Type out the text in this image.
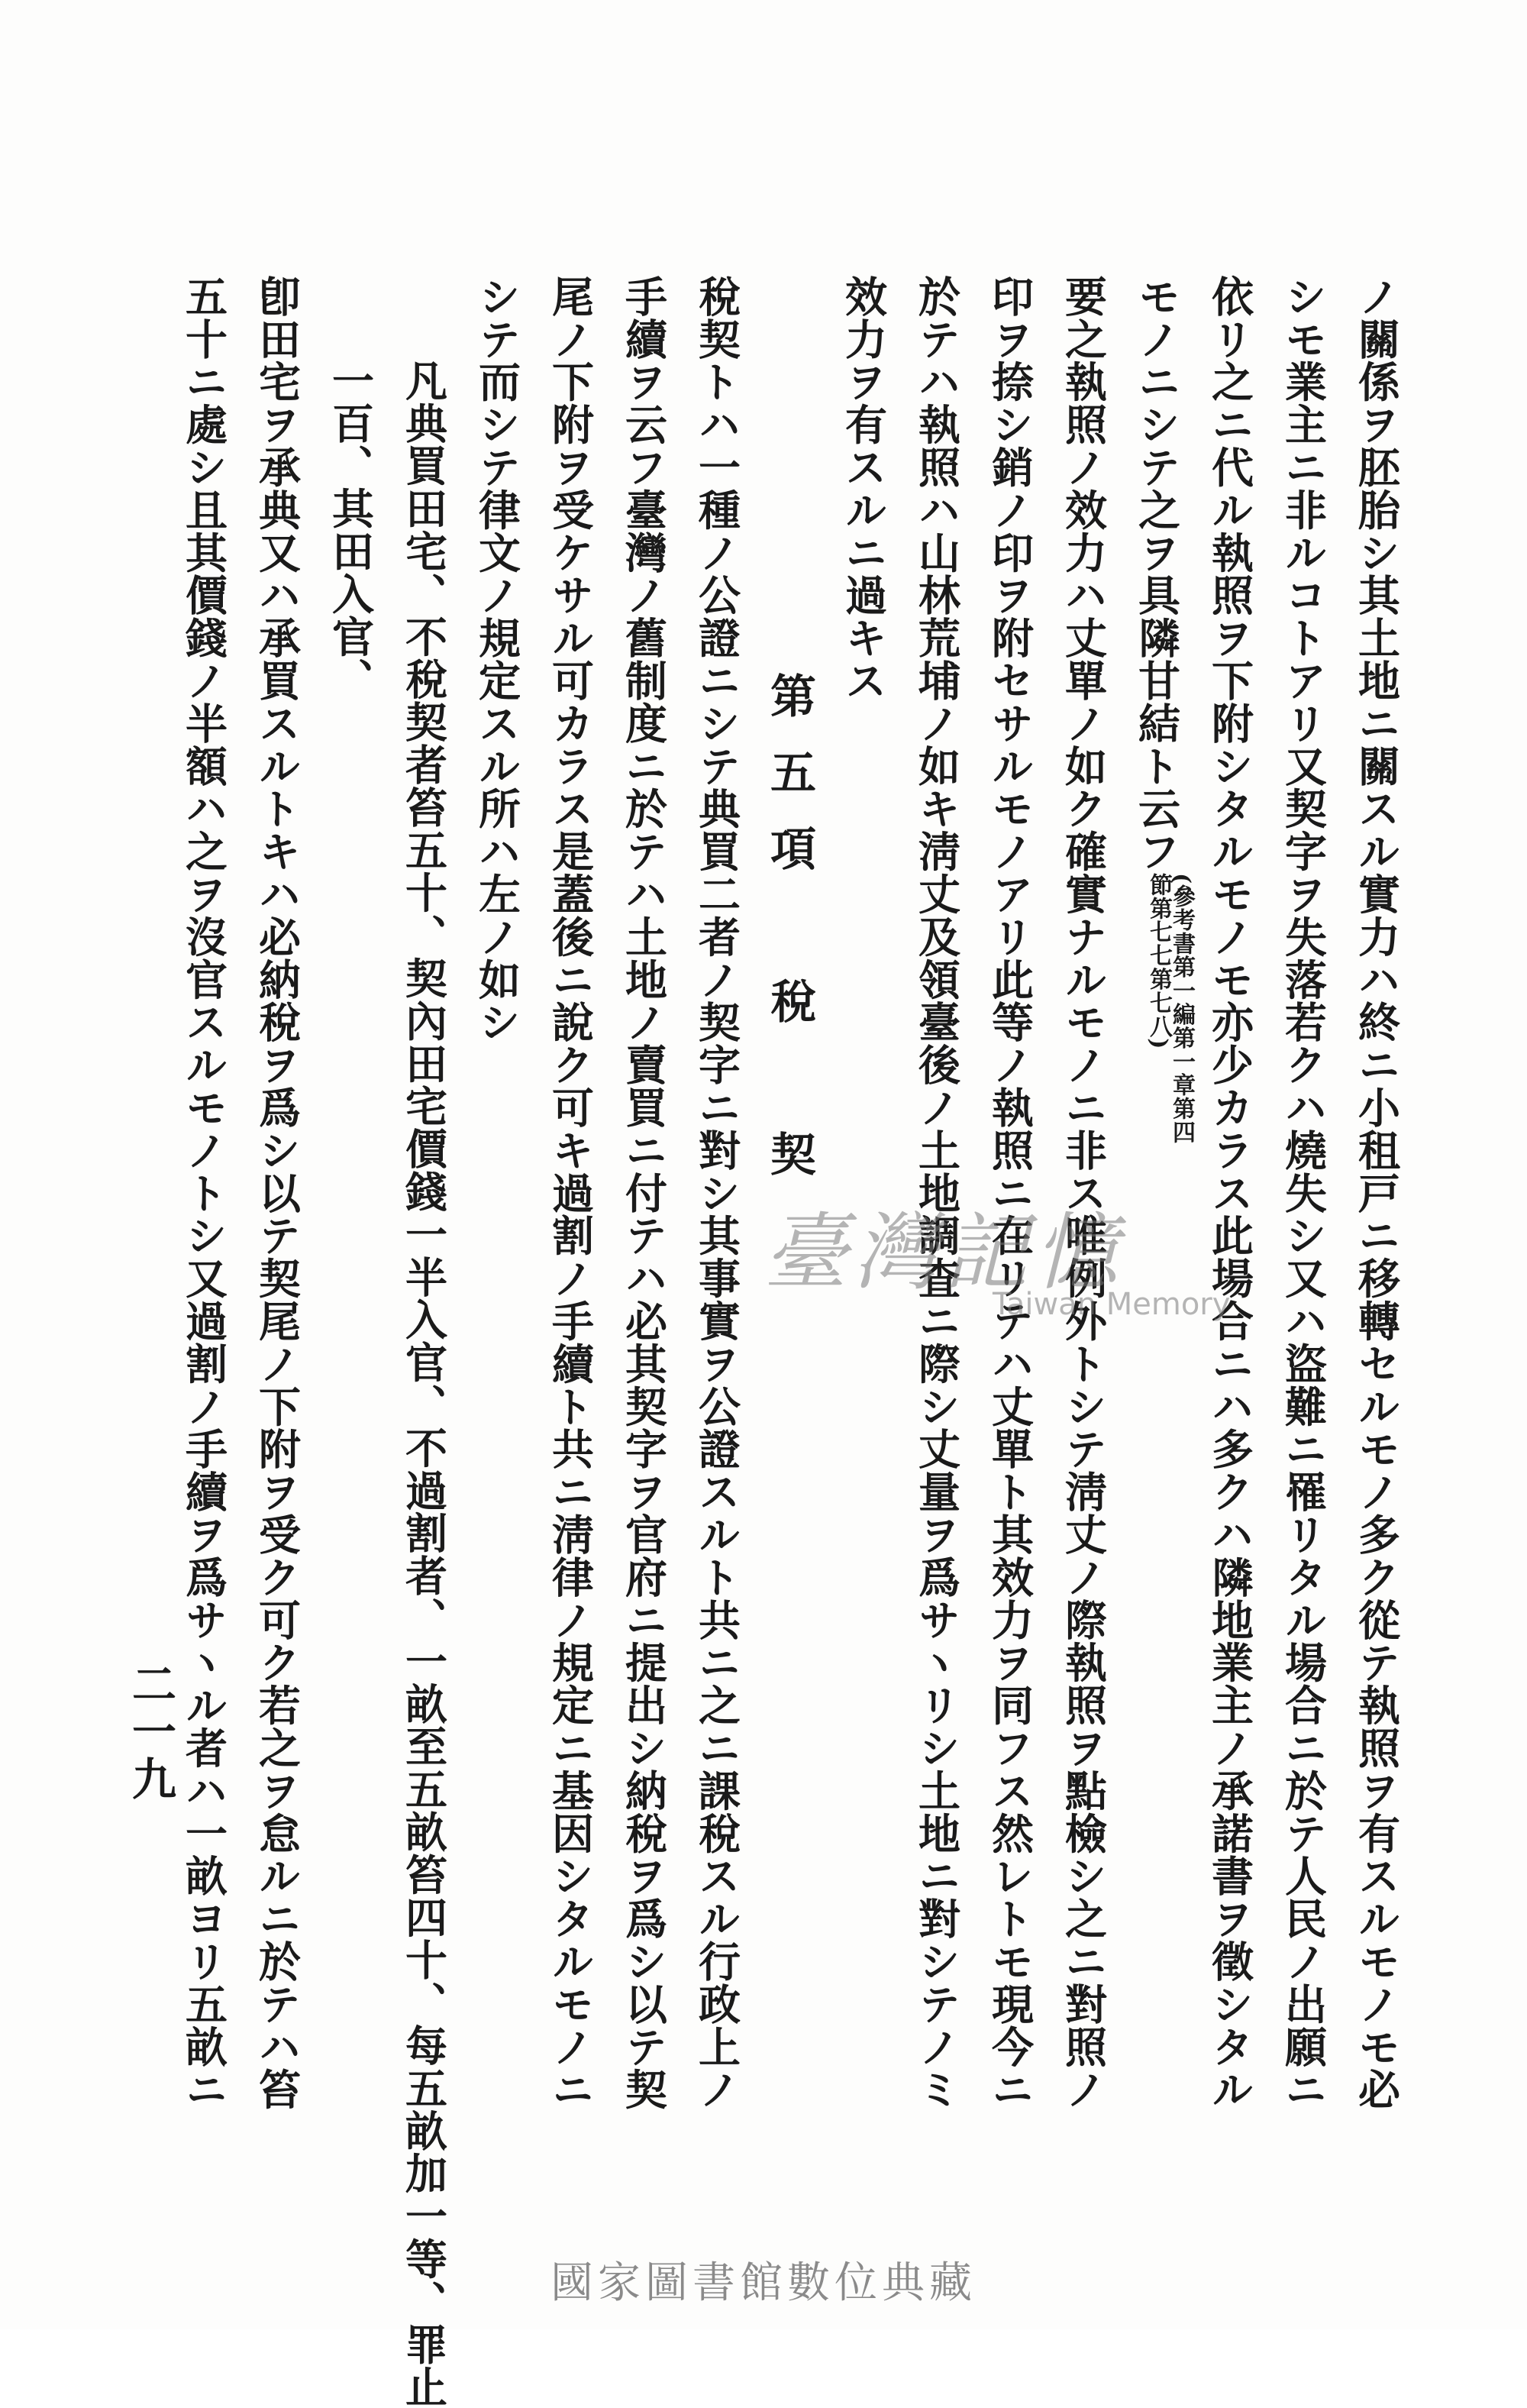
ノ關係ヲ胚胎シ其土地ニ關スル實力ハ終ニ小租戸ニ移轉セルモノ多ク從テ執照ヲ有スルモノモ必
シモ業主ニ非ルコトアリ又契字ヲ失落若クハ燒失シ又ハ盜難ニ罹リタル場合ニ於テ人民ノ出願ニ
依リ之ニ代ル執照ヲ下附シタルモノモ亦少カラス此場合ニハ多クハ隣地業主ノ承諾書ヲ徵シタル
モノニシテ之ヲ具隣甘結ト云フ(參考書第一編第一章第四節第七七第七八)
要之執照ノ效力ハ丈單ノ如ク確實ナルモノニ非ス唯例外トシテ淸丈ノ際執照ヲ點檢シ之ニ對照ノ
印ヲ捺シ銷ノ印ヲ附セサルモノアリ此等ノ執照ニ在リテハ丈單ト其效力ヲ同フス然レトモ現今ニ
於テハ執照ハ山林荒埔ノ如キ淸丈及領臺後ノ土地調査ニ際シ丈量ヲ爲サヽリシ土地ニ對シテノミ
效力ヲ有スルニ過キス
第五項　稅　契
稅契トハ一種ノ公證ニシテ典買二者ノ契字ニ對シ其事實ヲ公證スルト共ニ之ニ課稅スル行政上ノ
手續ヲ云フ臺灣ノ舊制度ニ於テハ土地ノ賣買ニ付テハ必其契字ヲ官府ニ提出シ納稅ヲ爲シ以テ契
尾ノ下附ヲ受ケサル可カラス是蓋後ニ說ク可キ過割ノ手續ト共ニ淸律ノ規定ニ基因シタルモノニ
シテ而シテ律文ノ規定スル所ハ左ノ如シ
凡典買田宅、不稅契者笞五十、契內田宅價錢一半入官、不過割者、一畝至五畝笞四十、每五畝加一等、罪止
一百、其田入官、
卽田宅ヲ承典又ハ承買スルトキハ必納稅ヲ爲シ以テ契尾ノ下附ヲ受ク可ク若之ヲ怠ルニ於テハ笞
五十ニ處シ且其價錢ノ半額ハ之ヲ沒官スルモノトシ又過割ノ手續ヲ爲サヽル者ハ一畝ヨリ五畝ニ
二一九
臺灣記憶
Taiwan Memory
國家圖書館數位典藏
